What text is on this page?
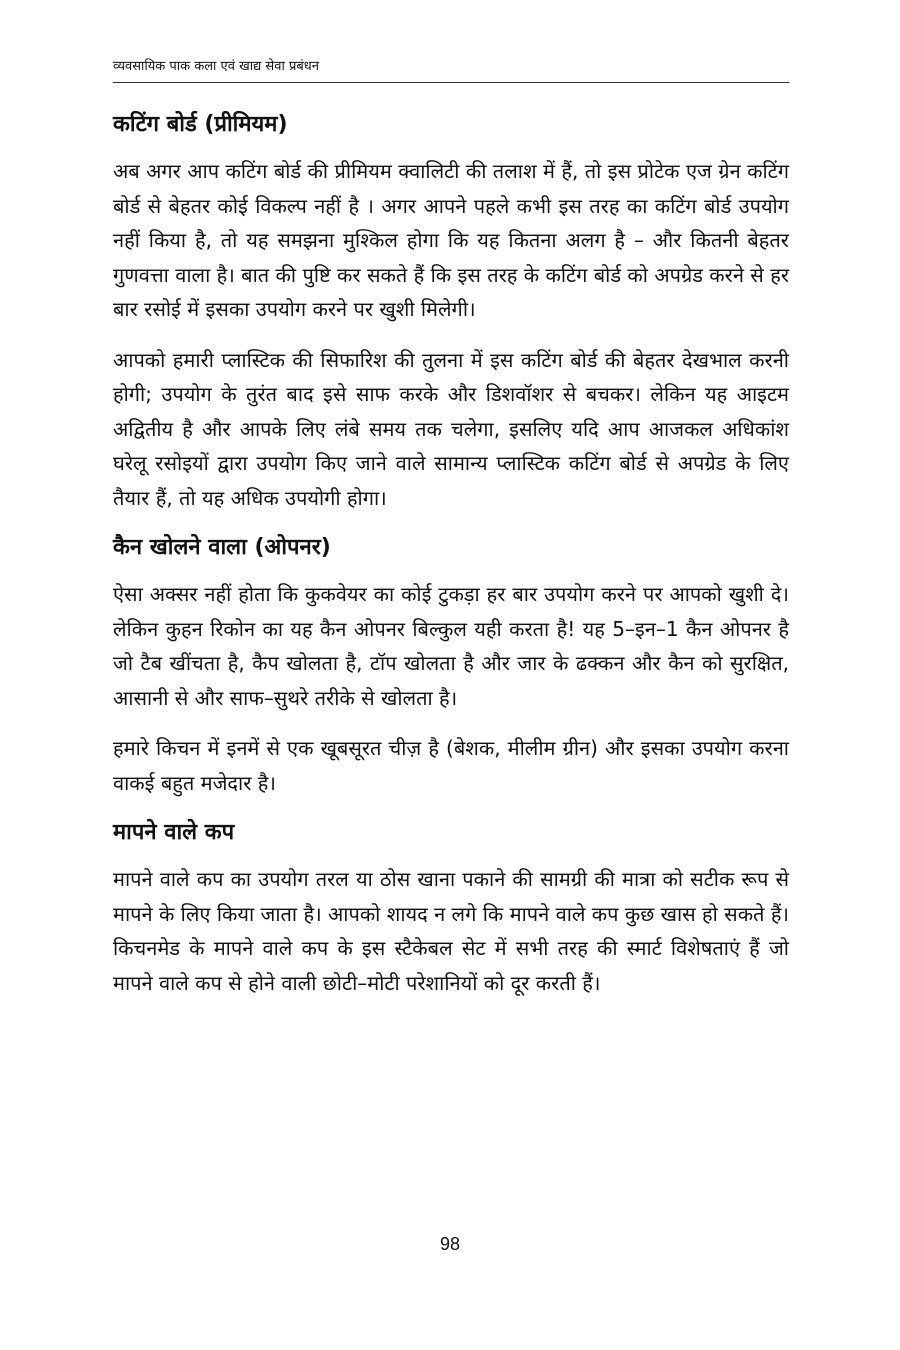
व्यवसायिक पाक कला एवं खाद्य सेवा प्रबंधन
कटिंग बोर्ड (प्रीमियम)

अब अगर आप कटिंग बोर्ड की प्रीमियम क्वालिटी की तलाश में हैं, तो इस प्रोटेक एज ग्रेन कटिंग बोर्ड से बेहतर कोई विकल्प नहीं है । अगर आपने पहले कभी इस तरह का कटिंग बोर्ड उपयोग नहीं किया है, तो यह समझना मुश्किल होगा कि यह कितना अलग है – और कितनी बेहतर गुणवत्ता वाला है। बात की पुष्टि कर सकते हैं कि इस तरह के कटिंग बोर्ड को अपग्रेड करने से हर बार रसोई में इसका उपयोग करने पर खुशी मिलेगी।

आपको हमारी प्लास्टिक की सिफारिश की तुलना में इस कटिंग बोर्ड की बेहतर देखभाल करनी होगी; उपयोग के तुरंत बाद इसे साफ करके और डिशवॉशर से बचकर। लेकिन यह आइटम अद्वितीय है और आपके लिए लंबे समय तक चलेगा, इसलिए यदि आप आजकल अधिकांश घरेलू रसोइयों द्वारा उपयोग किए जाने वाले सामान्य प्लास्टिक कटिंग बोर्ड से अपग्रेड के लिए तैयार हैं, तो यह अधिक उपयोगी होगा।

कैन खोलने वाला (ओपनर)

ऐसा अक्सर नहीं होता कि कुकवेयर का कोई टुकड़ा हर बार उपयोग करने पर आपको खुशी दे। लेकिन कुहन रिकोन का यह कैन ओपनर बिल्कुल यही करता है! यह 5–इन–1 कैन ओपनर है जो टैब खींचता है, कैप खोलता है, टॉप खोलता है और जार के ढक्कन और कैन को सुरक्षित, आसानी से और साफ–सुथरे तरीके से खोलता है।

हमारे किचन में इनमें से एक खूबसूरत चीज़ है (बेशक, मीलीम ग्रीन) और इसका उपयोग करना वाकई बहुत मजेदार है।

मापने वाले कप

मापने वाले कप का उपयोग तरल या ठोस खाना पकाने की सामग्री की मात्रा को सटीक रूप से मापने के लिए किया जाता है। आपको शायद न लगे कि मापने वाले कप कुछ खास हो सकते हैं। किचनमेड के मापने वाले कप के इस स्टैकेबल सेट में सभी तरह की स्मार्ट विशेषताएं हैं जो मापने वाले कप से होने वाली छोटी–मोटी परेशानियों को दूर करती हैं।

98
